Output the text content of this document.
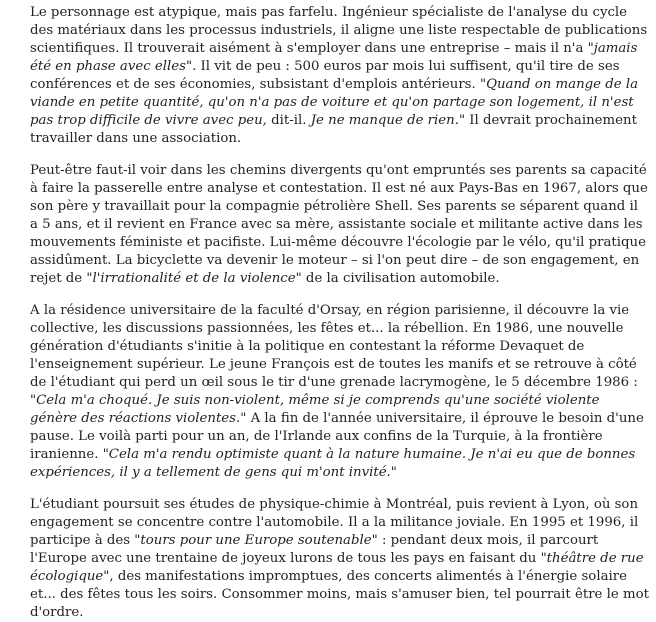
Le personnage est atypique, mais pas farfelu. Ingénieur spécialiste de l'analyse du cycle des matériaux dans les processus industriels, il aligne une liste respectable de publications scientifiques. Il trouverait aisément à s'employer dans une entreprise – mais il n'a "jamais été en phase avec elles". Il vit de peu : 500 euros par mois lui suffisent, qu'il tire de ses conférences et de ses économies, subsistant d'emplois antérieurs. "Quand on mange de la viande en petite quantité, qu'on n'a pas de voiture et qu'on partage son logement, il n'est pas trop difficile de vivre avec peu, dit-il. Je ne manque de rien." Il devrait prochainement travailler dans une association.

Peut-être faut-il voir dans les chemins divergents qu'ont empruntés ses parents sa capacité à faire la passerelle entre analyse et contestation. Il est né aux Pays-Bas en 1967, alors que son père y travaillait pour la compagnie pétrolière Shell. Ses parents se séparent quand il a 5 ans, et il revient en France avec sa mère, assistante sociale et militante active dans les mouvements féministe et pacifiste. Lui-même découvre l'écologie par le vélo, qu'il pratique assidûment. La bicyclette va devenir le moteur – si l'on peut dire – de son engagement, en rejet de "l'irrationalité et de la violence" de la civilisation automobile.

A la résidence universitaire de la faculté d'Orsay, en région parisienne, il découvre la vie collective, les discussions passionnées, les fêtes et... la rébellion. En 1986, une nouvelle génération d'étudiants s'initie à la politique en contestant la réforme Devaquet de l'enseignement supérieur. Le jeune François est de toutes les manifs et se retrouve à côté de l'étudiant qui perd un œil sous le tir d'une grenade lacrymogène, le 5 décembre 1986 : "Cela m'a choqué. Je suis non-violent, même si je comprends qu'une société violente génère des réactions violentes." A la fin de l'année universitaire, il éprouve le besoin d'une pause. Le voilà parti pour un an, de l'Irlande aux confins de la Turquie, à la frontière iranienne. "Cela m'a rendu optimiste quant à la nature humaine. Je n'ai eu que de bonnes expériences, il y a tellement de gens qui m'ont invité."

L'étudiant poursuit ses études de physique-chimie à Montréal, puis revient à Lyon, où son engagement se concentre contre l'automobile. Il a la militance joviale. En 1995 et 1996, il participe à des "tours pour une Europe soutenable" : pendant deux mois, il parcourt l'Europe avec une trentaine de joyeux lurons de tous les pays en faisant du "théâtre de rue écologique", des manifestations impromptues, des concerts alimentés à l'énergie solaire et... des fêtes tous les soirs. Consommer moins, mais s'amuser bien, tel pourrait être le mot d'ordre.
